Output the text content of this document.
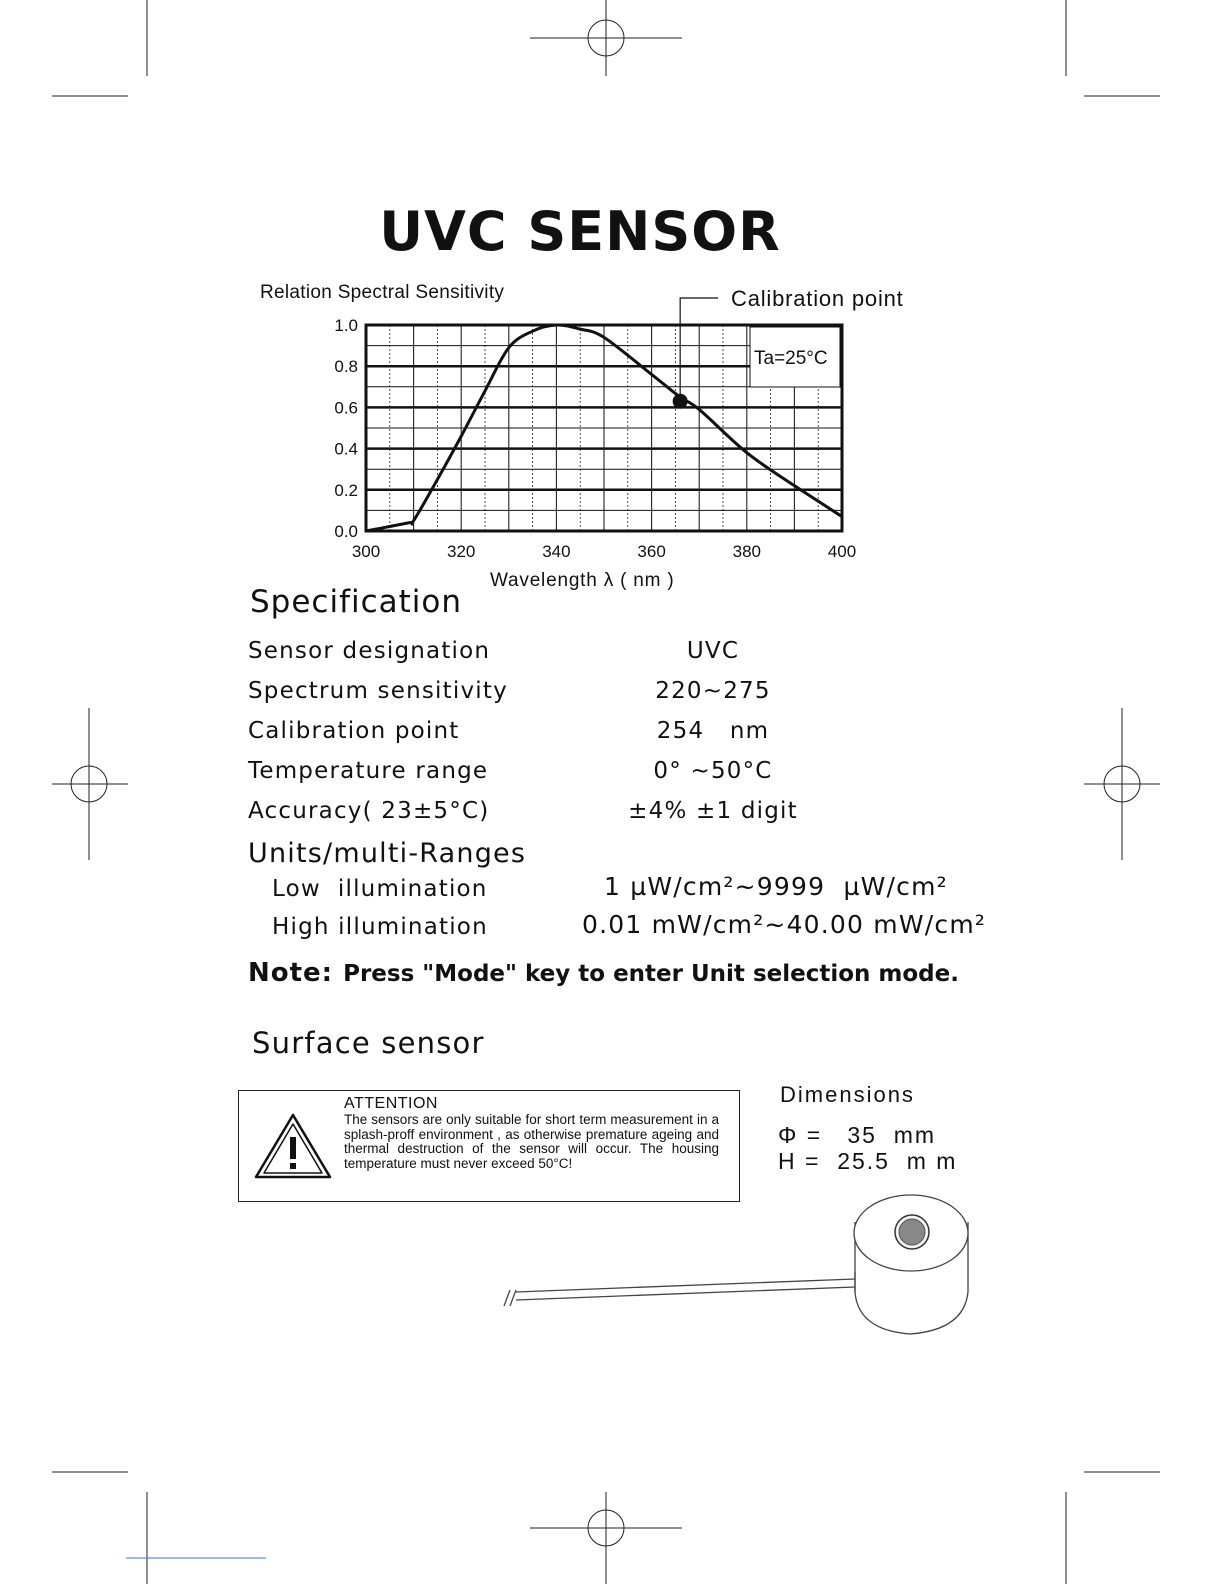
UVC SENSOR
Relation Spectral Sensitivity
Wavelength λ ( nm )
300	320	340	360	380	400
1.0
0.8
0.6
0.4
0.2
0.0
Ta=25°C
Calibration point
Specification
Sensor designation	UVC
Spectrum sensitivity	220~275
Calibration point	254   nm
Temperature range	0° ~50°C
Accuracy( 23±5°C)	±4% ±1 digit
Units/multi-Ranges
Low  illumination	1 µW/cm²~9999  µW/cm²
High illumination	0.01 mW/cm²~40.00 mW/cm²
Note: Press "Mode" key to enter Unit selection mode.
Surface sensor
ATTENTION
The sensors are only suitable for short term measurement in a splash-proff environment , as otherwise premature ageing and thermal destruction of the sensor will occur. The housing temperature must never exceed 50°C!
Dimensions
Φ =   35  mm
H =  25.5  m m
